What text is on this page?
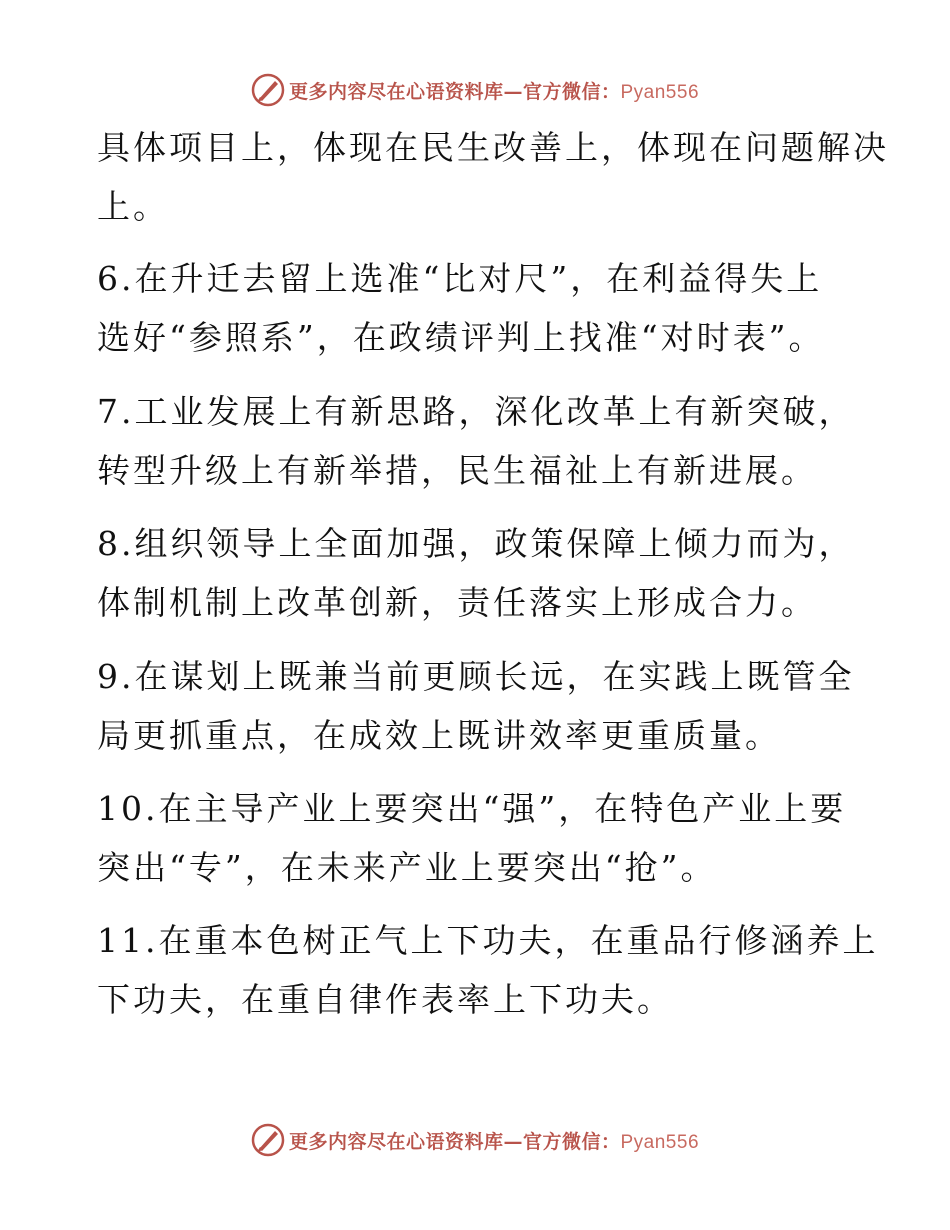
更多内容尽在心语资料库—官方微信：Pyan556
具体项目上，体现在民生改善上，体现在问题解决
上。
6.在升迁去留上选准“比对尺”，在利益得失上
选好“参照系”，在政绩评判上找准“对时表”。
7.工业发展上有新思路，深化改革上有新突破，
转型升级上有新举措，民生福祉上有新进展。
8.组织领导上全面加强，政策保障上倾力而为，
体制机制上改革创新，责任落实上形成合力。
9.在谋划上既兼当前更顾长远，在实践上既管全
局更抓重点，在成效上既讲效率更重质量。
10.在主导产业上要突出“强”，在特色产业上要
突出“专”，在未来产业上要突出“抢”。
11.在重本色树正气上下功夫，在重品行修涵养上
下功夫，在重自律作表率上下功夫。
更多内容尽在心语资料库—官方微信：Pyan556
